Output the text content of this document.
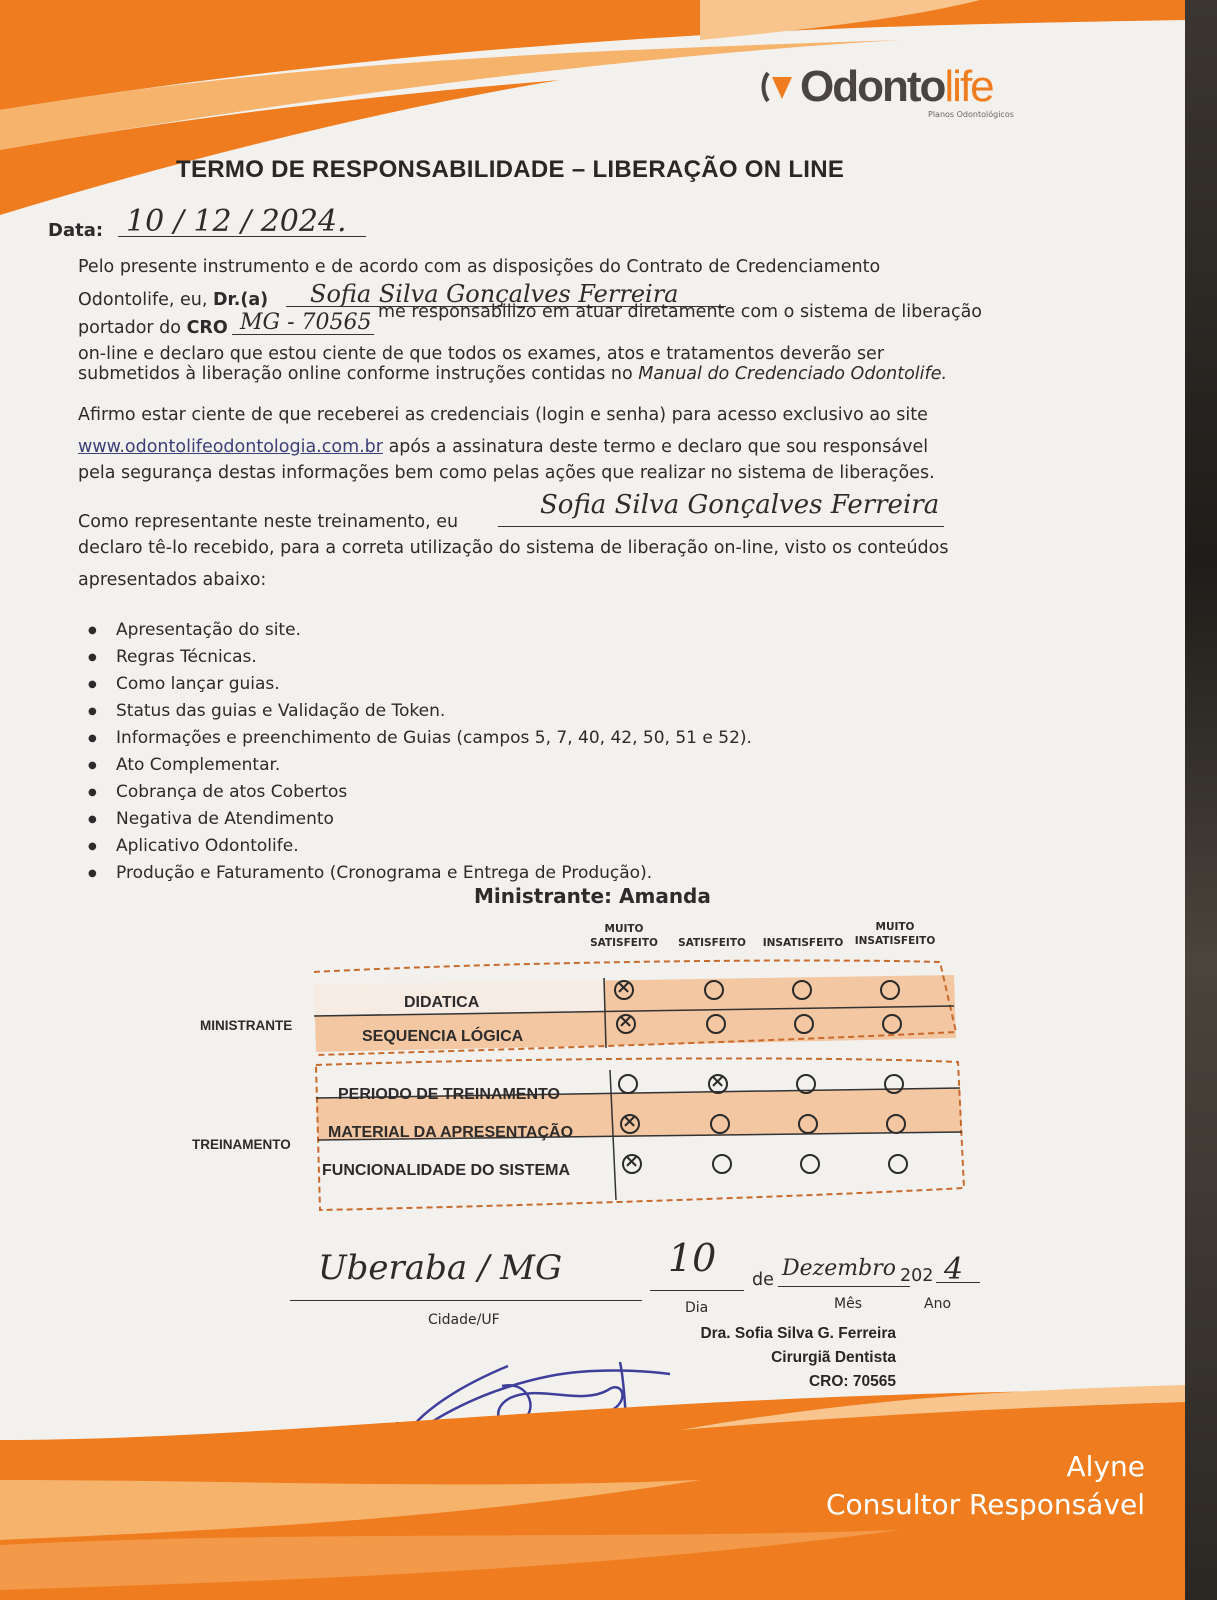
Odontolife
Planos Odontológicos
TERMO DE RESPONSABILIDADE – LIBERAÇÃO ON LINE
Data: 10 / 12 / 2024.
Pelo presente instrumento e de acordo com as disposições do Contrato de Credenciamento
Odontolife, eu, Dr.(a) Sofia Silva Gonçalves Ferreira
portador do CRO MG - 70565 me responsabilizo em atuar diretamente com o sistema de liberação
on-line e declaro que estou ciente de que todos os exames, atos e tratamentos deverão ser
submetidos à liberação online conforme instruções contidas no Manual do Credenciado Odontolife.
Afirmo estar ciente de que receberei as credenciais (login e senha) para acesso exclusivo ao site
www.odontolifeodontologia.com.br após a assinatura deste termo e declaro que sou responsável
pela segurança destas informações bem como pelas ações que realizar no sistema de liberações.
Como representante neste treinamento, eu
Sofia Silva Gonçalves Ferreira
declaro tê-lo recebido, para a correta utilização do sistema de liberação on-line, visto os conteúdos
apresentados abaixo:
● Apresentação do site.
● Regras Técnicas.
● Como lançar guias.
● Status das guias e Validação de Token.
● Informações e preenchimento de Guias (campos 5, 7, 40, 42, 50, 51 e 52).
● Ato Complementar.
● Cobrança de atos Cobertos
● Negativa de Atendimento
● Aplicativo Odontolife.
● Produção e Faturamento (Cronograma e Entrega de Produção).
Ministrante: Amanda
MUITO
SATISFEITO SATISFEITO INSATISFEITO
MUITO
INSATISFEITO
MINISTRANTE
TREINAMENTO
DIDATICA
SEQUENCIA LÓGICA
PERIODO DE TREINAMENTO
MATERIAL DA APRESENTAÇÃO
FUNCIONALIDADE DO SISTEMA
×
×
×
×
×
Uberaba / MG
Cidade/UF
10
Dia
de Dezembro
Mês
202 4
Ano
Dra. Sofia Silva G. Ferreira
Cirurgiã Dentista
CRO: 70565
Alyne
Consultor Responsável
